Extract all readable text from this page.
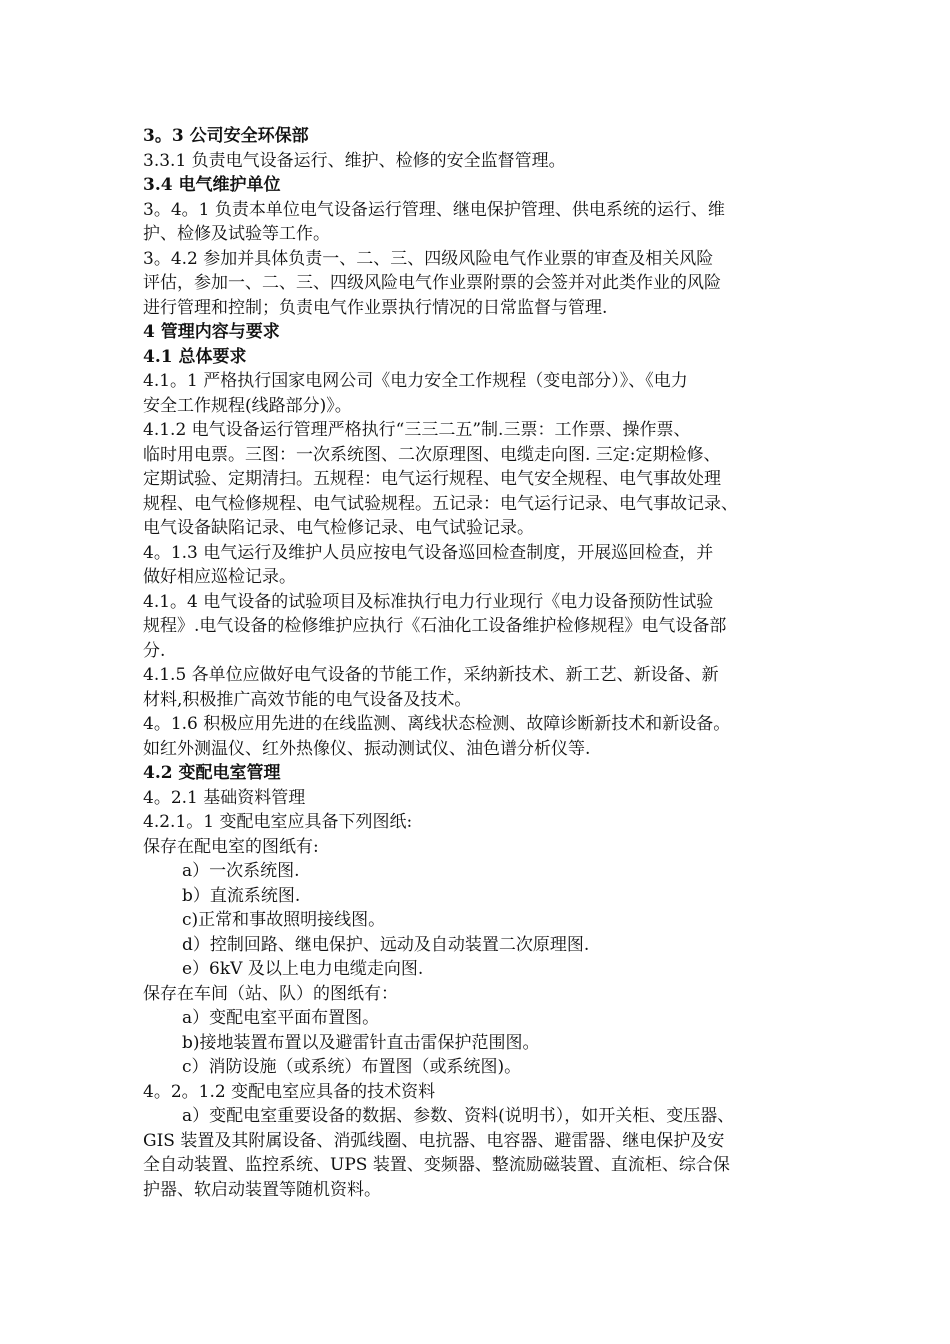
3。3 公司安全环保部
3.3.1 负责电气设备运行、维护、检修的安全监督管理。
3.4 电气维护单位
3。4。1 负责本单位电气设备运行管理、继电保护管理、供电系统的运行、维
护、检修及试验等工作。
3。4.2 参加并具体负责一、二、三、四级风险电气作业票的审查及相关风险
评估，参加一、二、三、四级风险电气作业票附票的会签并对此类作业的风险
进行管理和控制；负责电气作业票执行情况的日常监督与管理.
4 管理内容与要求
4.1 总体要求
4.1。1 严格执行国家电网公司《电力安全工作规程（变电部分）》、《电力
安全工作规程(线路部分)》。
4.1.2 电气设备运行管理严格执行“三三二五”制.三票：工作票、操作票、
临时用电票。三图：一次系统图、二次原理图、电缆走向图. 三定:定期检修、
定期试验、定期清扫。五规程：电气运行规程、电气安全规程、电气事故处理
规程、电气检修规程、电气试验规程。五记录：电气运行记录、电气事故记录、
电气设备缺陷记录、电气检修记录、电气试验记录。
4。1.3 电气运行及维护人员应按电气设备巡回检查制度，开展巡回检查，并
做好相应巡检记录。
4.1。4 电气设备的试验项目及标准执行电力行业现行《电力设备预防性试验
规程》.电气设备的检修维护应执行《石油化工设备维护检修规程》电气设备部
分.
4.1.5 各单位应做好电气设备的节能工作，采纳新技术、新工艺、新设备、新
材料,积极推广高效节能的电气设备及技术。
4。1.6 积极应用先进的在线监测、离线状态检测、故障诊断新技术和新设备。
如红外测温仪、红外热像仪、振动测试仪、油色谱分析仪等.
4.2 变配电室管理
4。2.1 基础资料管理
4.2.1。1 变配电室应具备下列图纸:
保存在配电室的图纸有:
a）一次系统图.
b）直流系统图.
c)正常和事故照明接线图。
d）控制回路、继电保护、远动及自动装置二次原理图.
e）6kV 及以上电力电缆走向图.
保存在车间（站、队）的图纸有：
a）变配电室平面布置图。
b)接地装置布置以及避雷针直击雷保护范围图。
c）消防设施（或系统）布置图（或系统图)。
4。2。1.2 变配电室应具备的技术资料
a）变配电室重要设备的数据、参数、资料(说明书），如开关柜、变压器、
GIS 装置及其附属设备、消弧线圈、电抗器、电容器、避雷器、继电保护及安
全自动装置、监控系统、UPS 装置、变频器、整流励磁装置、直流柜、综合保
护器、软启动装置等随机资料。
